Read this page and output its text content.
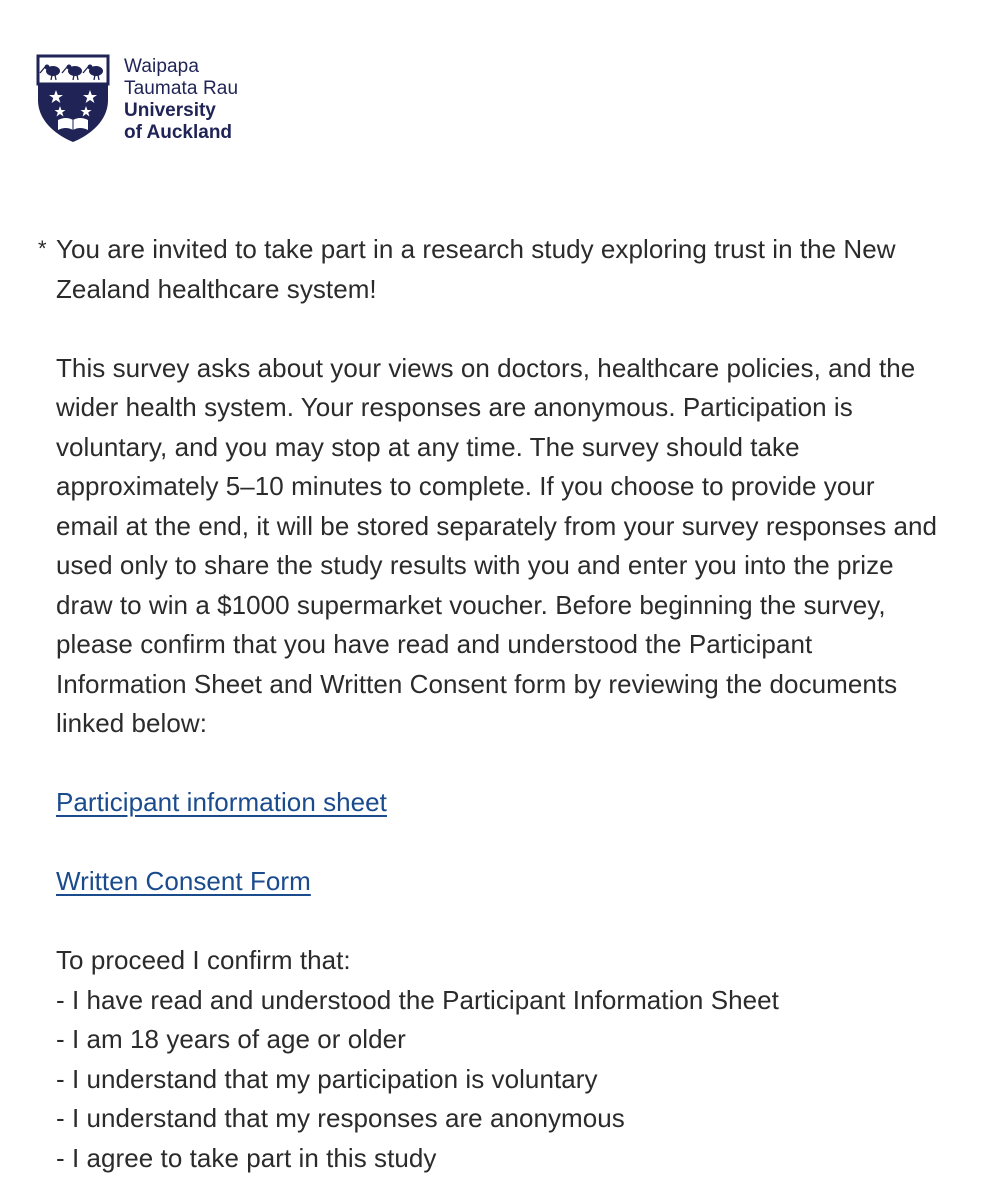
Waipapa
Taumata Rau
University
of Auckland
* You are invited to take part in a research study exploring trust in the New Zealand healthcare system!

This survey asks about your views on doctors, healthcare policies, and the wider health system. Your responses are anonymous. Participation is voluntary, and you may stop at any time. The survey should take approximately 5–10 minutes to complete. If you choose to provide your email at the end, it will be stored separately from your survey responses and used only to share the study results with you and enter you into the prize draw to win a $1000 supermarket voucher. Before beginning the survey, please confirm that you have read and understood the Participant Information Sheet and Written Consent form by reviewing the documents linked below:

Participant information sheet

Written Consent Form

To proceed I confirm that:

- I have read and understood the Participant Information Sheet

- I am 18 years of age or older

- I understand that my participation is voluntary

- I understand that my responses are anonymous

- I agree to take part in this study
